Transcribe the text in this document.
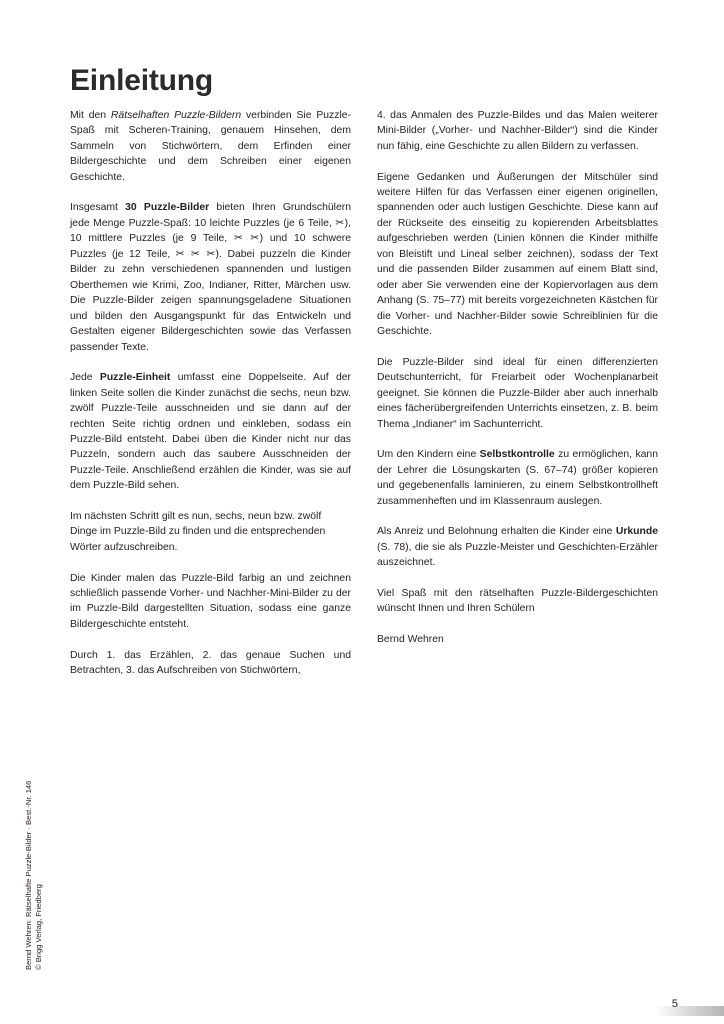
Einleitung

Mit den Rätselhaften Puzzle-Bildern verbinden Sie Puzzle-Spaß mit Scheren-Training, genauem Hinsehen, dem Sammeln von Stichwörtern, dem Erfinden einer Bildergeschichte und dem Schreiben einer eigenen Geschichte.

Insgesamt 30 Puzzle-Bilder bieten Ihren Grundschülern jede Menge Puzzle-Spaß: 10 leichte Puzzles (je 6 Teile, ✂), 10 mittlere Puzzles (je 9 Teile, ✂ ✂) und 10 schwere Puzzles (je 12 Teile, ✂ ✂ ✂). Dabei puzzeln die Kinder Bilder zu zehn verschiedenen spannenden und lustigen Oberthemen wie Krimi, Zoo, Indianer, Ritter, Märchen usw. Die Puzzle-Bilder zeigen spannungsgeladene Situationen und bilden den Ausgangspunkt für das Entwickeln und Gestalten eigener Bildergeschichten sowie das Verfassen passender Texte.

Jede Puzzle-Einheit umfasst eine Doppelseite. Auf der linken Seite sollen die Kinder zunächst die sechs, neun bzw. zwölf Puzzle-Teile ausschneiden und sie dann auf der rechten Seite richtig ordnen und einkleben, sodass ein Puzzle-Bild entsteht. Dabei üben die Kinder nicht nur das Puzzeln, sondern auch das saubere Ausschneiden der Puzzle-Teile. Anschließend erzählen die Kinder, was sie auf dem Puzzle-Bild sehen.

Im nächsten Schritt gilt es nun, sechs, neun bzw. zwölf Dinge im Puzzle-Bild zu finden und die entsprechenden Wörter aufzuschreiben.

Die Kinder malen das Puzzle-Bild farbig an und zeichnen schließlich passende Vorher- und Nachher-Mini-Bilder zu der im Puzzle-Bild dargestellten Situation, sodass eine ganze Bildergeschichte entsteht.

Durch 1. das Erzählen, 2. das genaue Suchen und Betrachten, 3. das Aufschreiben von Stichwörtern,

4. das Anmalen des Puzzle-Bildes und das Malen weiterer Mini-Bilder („Vorher- und Nachher-Bilder“) sind die Kinder nun fähig, eine Geschichte zu allen Bildern zu verfassen.

Eigene Gedanken und Äußerungen der Mitschüler sind weitere Hilfen für das Verfassen einer eigenen originellen, spannenden oder auch lustigen Geschichte. Diese kann auf der Rückseite des einseitig zu kopierenden Arbeitsblattes aufgeschrieben werden (Linien können die Kinder mithilfe von Bleistift und Lineal selber zeichnen), sodass der Text und die passenden Bilder zusammen auf einem Blatt sind, oder aber Sie verwenden eine der Kopiervorlagen aus dem Anhang (S. 75–77) mit bereits vorgezeichneten Kästchen für die Vorher- und Nachher-Bilder sowie Schreiblinien für die Geschichte.

Die Puzzle-Bilder sind ideal für einen differenzierten Deutschunterricht, für Freiarbeit oder Wochenplanarbeit geeignet. Sie können die Puzzle-Bilder aber auch innerhalb eines fächerübergreifenden Unterrichts einsetzen, z. B. beim Thema „Indianer“ im Sachunterricht.

Um den Kindern eine Selbstkontrolle zu ermöglichen, kann der Lehrer die Lösungskarten (S. 67–74) größer kopieren und gegebenenfalls laminieren, zu einem Selbstkontrollheft zusammenheften und im Klassenraum auslegen.

Als Anreiz und Belohnung erhalten die Kinder eine Urkunde (S. 78), die sie als Puzzle-Meister und Geschichten-Erzähler auszeichnet.

Viel Spaß mit den rätselhaften Puzzle-Bildergeschichten wünscht Ihnen und Ihren Schülern

Bernd Wehren

Bernd Wehren: Rätselhafte Puzzle-Bilder · Best.-Nr. 146 © Brigg Verlag, Friedberg
5
